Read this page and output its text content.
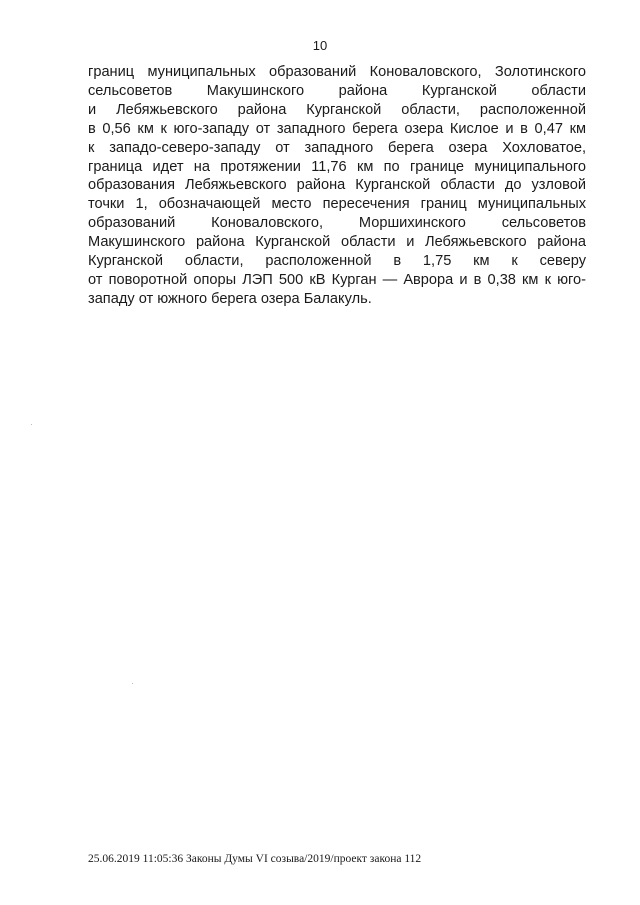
10
границ муниципальных образований Коноваловского, Золотинского
сельсоветов Макушинского района Курганской области
и Лебяжьевского района Курганской области, расположенной
в 0,56 км к юго-западу от западного берега озера Кислое и в 0,47 км
к западо-северо-западу от западного берега озера Хохловатое,
граница идет на протяжении 11,76 км по границе муниципального
образования Лебяжьевского района Курганской области до узловой
точки 1, обозначающей место пересечения границ муниципальных
образований Коноваловского, Моршихинского сельсоветов
Макушинского района Курганской области и Лебяжьевского района
Курганской области, расположенной в 1,75 км к северу
от поворотной опоры ЛЭП 500 кВ Курган — Аврора и в 0,38 км к юго-
западу от южного берега озера Балакуль.
25.06.2019 11:05:36 Законы Думы VI созыва/2019/проект закона 112
